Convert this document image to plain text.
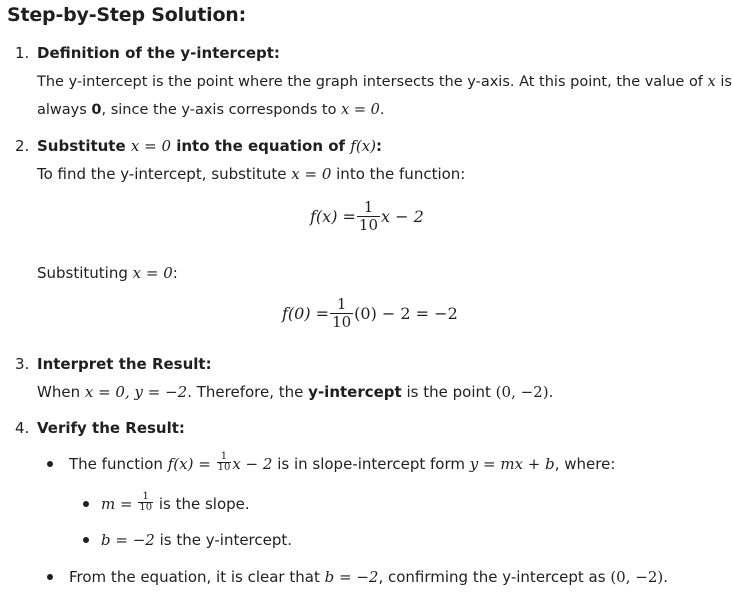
Step-by-Step Solution:
1. Definition of the y-intercept:
The y-intercept is the point where the graph intersects the y-axis. At this point, the value of x is
always 0, since the y-axis corresponds to x = 0.
2. Substitute x = 0 into the equation of f(x):
To find the y-intercept, substitute x = 0 into the function:
$f(x) = \frac{1}{10}$ x − 2
Substituting x = 0:
$f(0) = \frac{1}{10} (0) - 2 = -2$
3. Interpret the Result:
When x = 0, y = −2. Therefore, the y-intercept is the point (0, −2).
4. Verify the Result:
The function $f(x) = \frac{1}{10}$ x − 2 is in slope-intercept form y = mx + b, where:
$m = \frac{1}{10}$ is the slope.
b = −2 is the y-intercept.
From the equation, it is clear that b = −2, confirming the y-intercept as (0, −2).
